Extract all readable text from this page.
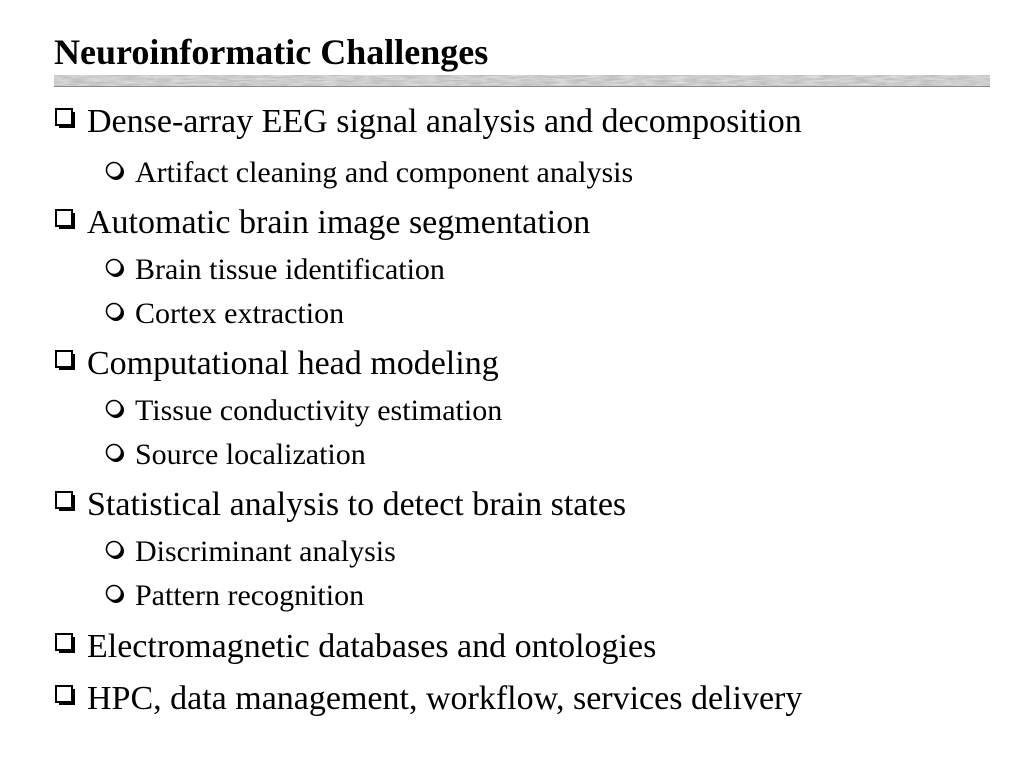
Neuroinformatic Challenges
Dense-array EEG signal analysis and decomposition
Artifact cleaning and component analysis
Automatic brain image segmentation
Brain tissue identification
Cortex extraction
Computational head modeling
Tissue conductivity estimation
Source localization
Statistical analysis to detect brain states
Discriminant analysis
Pattern recognition
Electromagnetic databases and ontologies
HPC, data management, workflow, services delivery
